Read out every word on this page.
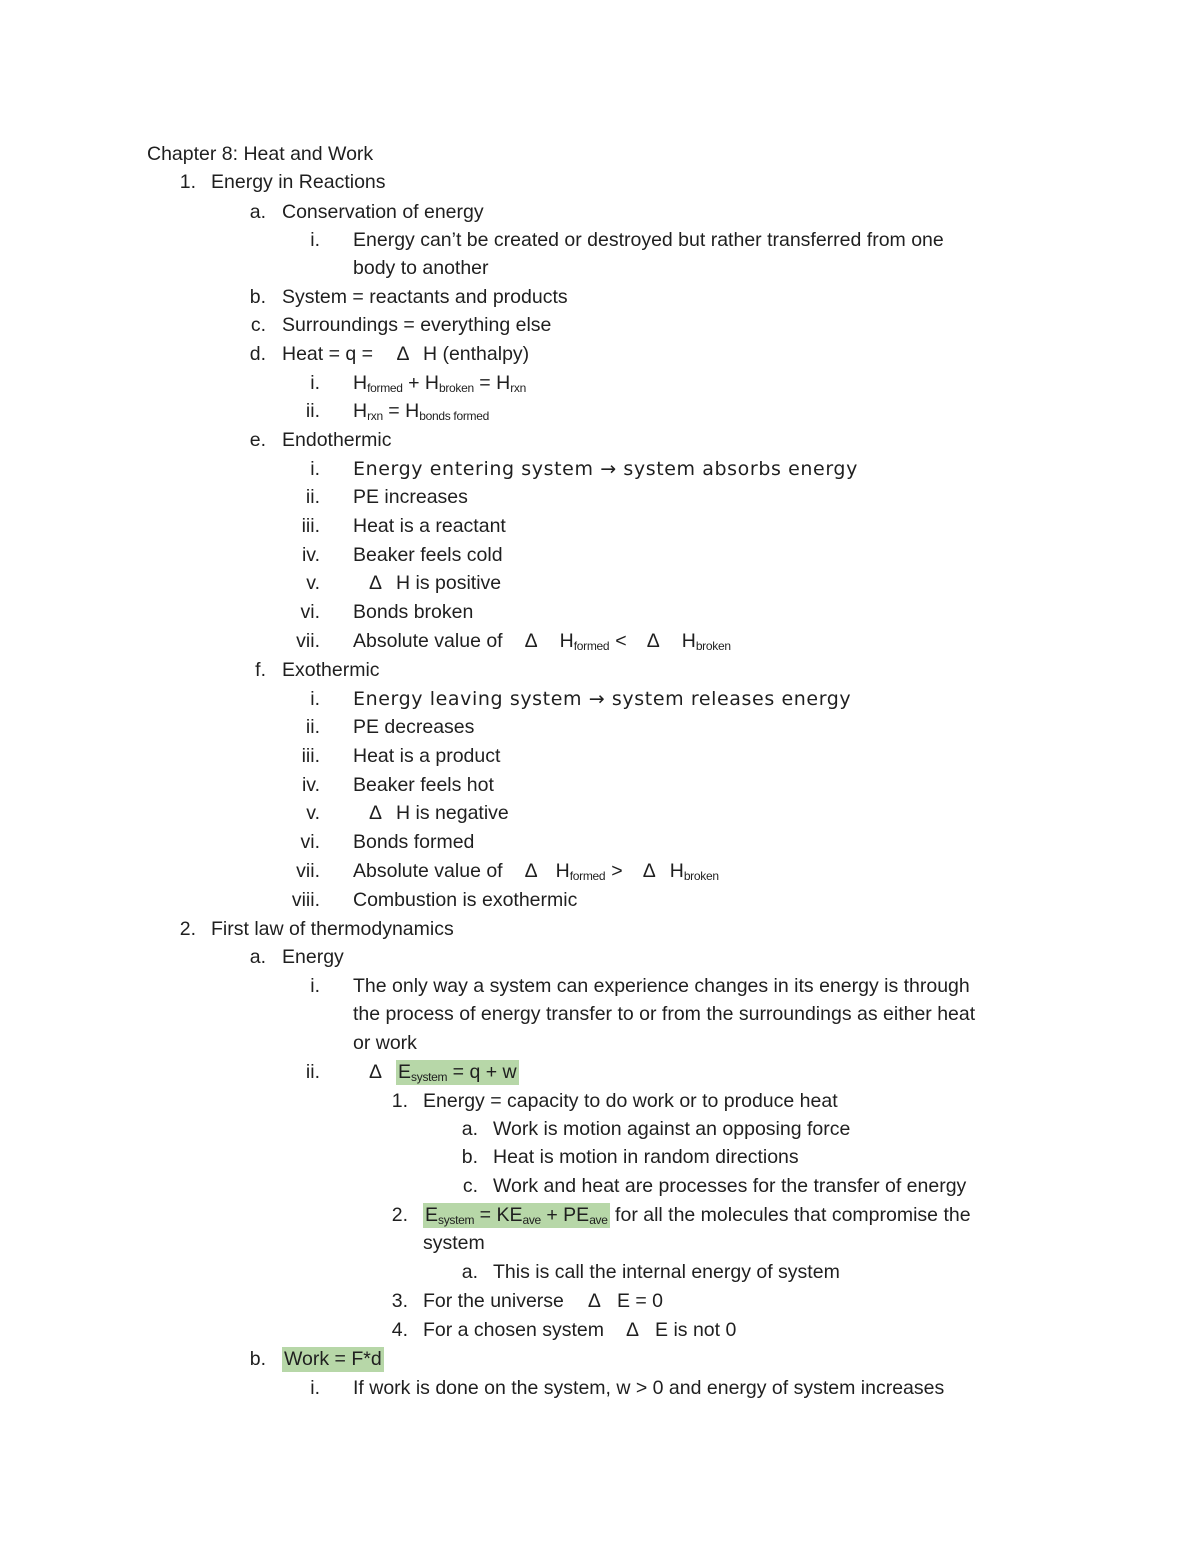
Chapter 8: Heat and Work
1. Energy in Reactions
a. Conservation of energy
i. Energy can’t be created or destroyed but rather transferred from one
body to another
b. System = reactants and products
c. Surroundings = everything else
d. Heat = q = Δ H (enthalpy)
i. $H_{formed} + H_{broken} = H_{rxn}$
ii. $H_{rxn} = H_{bonds formed}$
e. Endothermic
i. Energy entering system → system absorbs energy
ii. PE increases
iii. Heat is a reactant
iv. Beaker feels cold
v.	Δ H is positive
vi. Bonds broken
vii. Absolute value of Δ $H_{formed} < \Delta$ $H_{broken}$
f. Exothermic
i. Energy leaving system → system releases energy
ii. PE decreases
iii. Heat is a product
iv. Beaker feels hot
v.	Δ H is negative
vi. Bonds formed
vii. Absolute value of Δ $H_{formed} > \Delta$ $H_{broken}$
viii. Combustion is exothermic
2. First law of thermodynamics
a. Energy
i. The only way a system can experience changes in its energy is through
the process of energy transfer to or from the surroundings as either heat
or work
ii.	Δ $E_{system} = q + w$
1. Energy = capacity to do work or to produce heat
a. Work is motion against an opposing force
b. Heat is motion in random directions
c. Work and heat are processes for the transfer of energy
2. $E_{system} = KE_{ave} + PE_{ave}$ for all the molecules that compromise the
system
a. This is call the internal energy of system
3. For the universe Δ E = 0
4. For a chosen system Δ E is not 0
b. Work = F*d
i. If work is done on the system, w > 0 and energy of system increases
